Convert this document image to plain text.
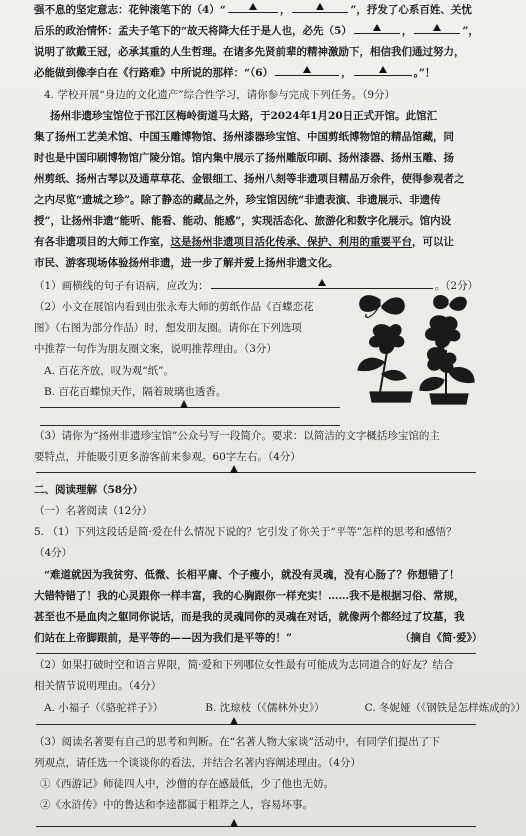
强不息的坚定意志：花钟滚笔下的（4）“	，	”，抒发了心系百姓、关忧
后乐的政治情怀：孟夫子笔下的“故天将降大任于是人也，必先（5）	，	”，
说明了欲戴王冠，必承其重的人生哲理。在诸多先贤前辈的精神激励下，相信我们通过努力，
必能做到像李白在《行路难》中所说的那样：“（6）	，	。”！
4. 学校开展“身边的文化遗产”综合性学习，请你参与完成下列任务。（9分）
扬州非遗珍宝馆位于邗江区梅岭街道马太路，于2024年1月20日正式开馆。此馆汇
集了扬州工艺美术馆、中国玉雕博物馆、扬州漆器珍宝馆、中国剪纸博物馆的精品馆藏，同
时也是中国印刷博物馆广陵分馆。馆内集中展示了扬州雕版印刷、扬州漆器、扬州玉雕、扬
州剪纸、扬州古琴以及通草草花、金银细工、扬州八刻等非遗项目精品万余件，使得参观者之
之内尽览“遗城之珍”。除了静态的藏品之外，珍宝馆因统“非遗表演、非遗展示、非遗传
授”，让扬州非遗“能听、能看、能动、能感”，实现活态化、旅游化和数字化展示。馆内设
有各非遗项目的大师工作室，这是扬州非遗项目活化传承、保护、利用的重要平台，可以让
市民、游客现场体验扬州非遗，进一步了解并爱上扬州非遗文化。
（1）画横线的句子有语病，应改为：	。（2分）
（2）小文在展馆内看到由张永寿大师的剪纸作品《百蝶恋花
图》（右图为部分作品）时，想发朋友圈。请你在下列选项
中推荐一句作为朋友圈文案，说明推荐理由。（3分）
A. 百花齐放，叹为观“纸”。
B. 百花百蝶惊天作，隔着玻璃也透香。
（3）请你为“扬州非遗珍宝馆”公众号写一段简介。要求：以简洁的文字概括珍宝馆的主
要特点，并能吸引更多游客前来参观。60字左右。（4分）
二、阅读理解（58分）
（一）名著阅读（12分）
5. （1）下列这段话是简·爱在什么情况下说的？它引发了你关于“平等”怎样的思考和感悟？
（4分）
“难道就因为我贫穷、低微、长相平庸、个子瘦小，就没有灵魂，没有心肠了？你想错了！
大错特错了！我的心灵跟你一样丰富，我的心胸跟你一样充实！……我不是根据习俗、常规，
甚至也不是血肉之躯同你说话，而是我的灵魂同你的灵魂在对话，就像两个都经过了坟墓，我
们站在上帝脚跟前，是平等的——因为我们是平等的！”	（摘自《简·爱》）
（2）如果打破时空和语言界限，简·爱和下列哪位女性最有可能成为志同道合的好友？结合
相关情节说明理由。（4分）
A. 小福子（《骆驼祥子》）	B. 沈琼枝（《儒林外史》）	C. 冬妮娅（《钢铁是怎样炼成的》）
（3）阅读名著要有自己的思考和判断。在“名著人物大家谈”活动中，有同学们提出了下
列观点，请任选一个谈谈你的看法，并结合名著内容阐述理由。（4分）
①《西游记》师徒四人中，沙僧的存在感最低，少了他也无妨。
②《水浒传》中的鲁达和李逵都属于粗莽之人，容易坏事。
